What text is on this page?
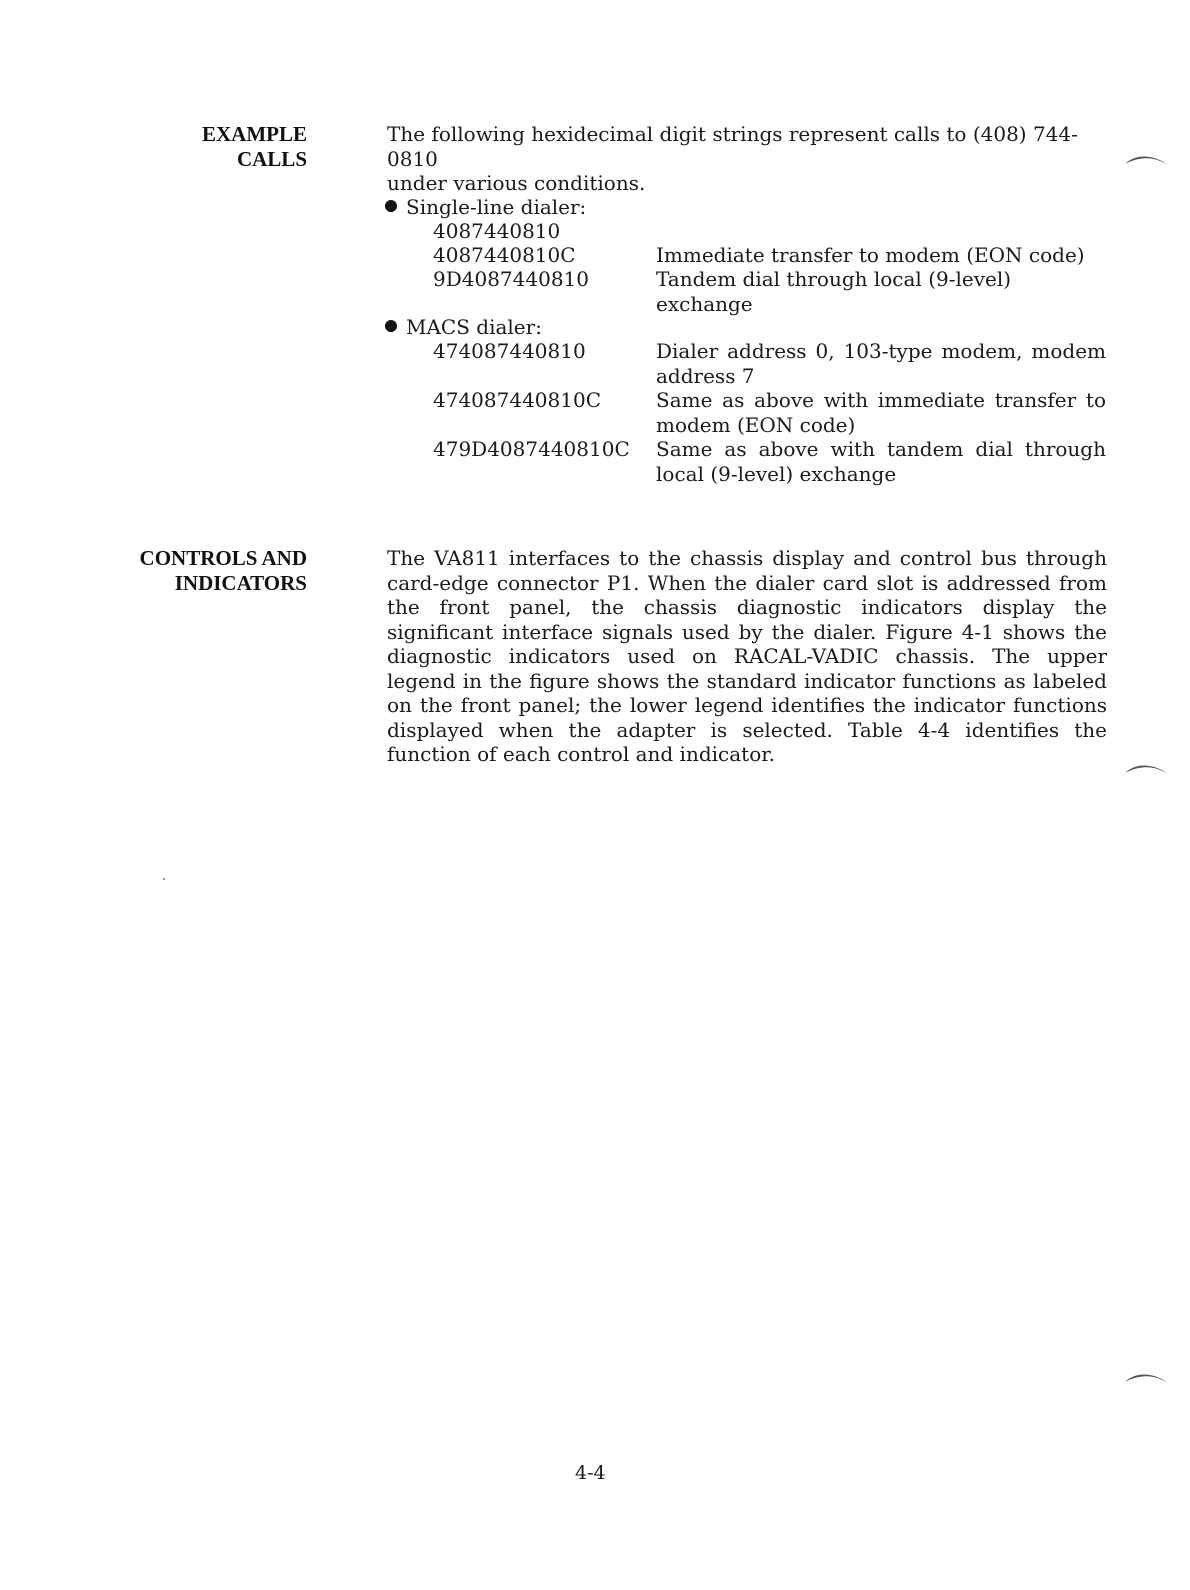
EXAMPLE
CALLS
The following hexidecimal digit strings represent calls to (408) 744-0810
under various conditions.
Single-line dialer:
4087440810
4087440810C	Immediate transfer to modem (EON code)
9D4087440810	Tandem dial through local (9-level) exchange
MACS dialer:
474087440810	Dialer address 0, 103-type modem, modem address 7
474087440810C	Same as above with immediate transfer to modem (EON code)
479D4087440810C Same as above with tandem dial through local (9-level) exchange
CONTROLS AND
INDICATORS
The VA811 interfaces to the chassis display and control bus through card-edge connector P1. When the dialer card slot is addressed from the front panel, the chassis diagnostic indicators display the significant interface signals used by the dialer. Figure 4-1 shows the diagnostic indicators used on RACAL-VADIC chassis. The upper legend in the figure shows the standard indicator functions as labeled on the front panel; the lower legend identifies the indicator functions displayed when the adapter is selected. Table 4-4 identifies the function of each control and indicator.
4-4
